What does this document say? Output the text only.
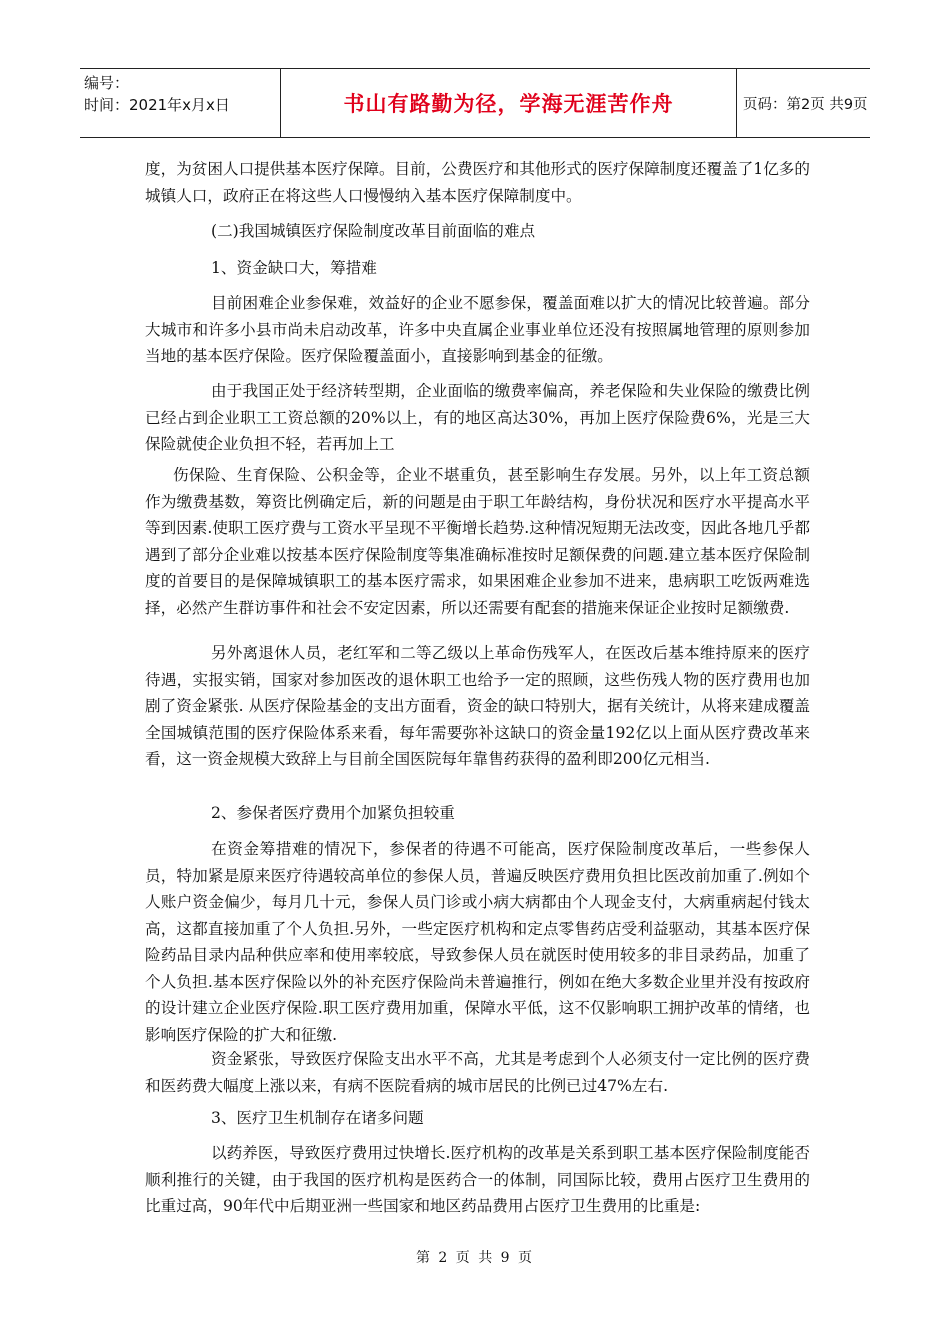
编号：
时间：2021年x月x日	书山有路勤为径，学海无涯苦作舟	页码：第2页 共9页

度，为贫困人口提供基本医疗保障。目前，公费医疗和其他形式的医疗保障制度还覆盖了1亿多的城镇人口，政府正在将这些人口慢慢纳入基本医疗保障制度中。

(二)我国城镇医疗保险制度改革目前面临的难点

1、资金缺口大，筹措难

目前困难企业参保难，效益好的企业不愿参保，覆盖面难以扩大的情况比较普遍。部分大城市和许多小县市尚未启动改革，许多中央直属企业事业单位还没有按照属地管理的原则参加当地的基本医疗保险。医疗保险覆盖面小，直接影响到基金的征缴。

由于我国正处于经济转型期，企业面临的缴费率偏高，养老保险和失业保险的缴费比例已经占到企业职工工资总额的20%以上，有的地区高达30%，再加上医疗保险费6%，光是三大保险就使企业负担不轻，若再加上工

伤保险、生育保险、公积金等，企业不堪重负，甚至影响生存发展。另外，以上年工资总额作为缴费基数，筹资比例确定后，新的问题是由于职工年龄结构，身份状况和医疗水平提高水平等到因素.使职工医疗费与工资水平呈现不平衡增长趋势.这种情况短期无法改变，因此各地几乎都遇到了部分企业难以按基本医疗保险制度等集准确标准按时足额保费的问题.建立基本医疗保险制度的首要目的是保障城镇职工的基本医疗需求，如果困难企业参加不进来，患病职工吃饭两难选择，必然产生群访事件和社会不安定因素，所以还需要有配套的措施来保证企业按时足额缴费.

另外离退休人员，老红军和二等乙级以上革命伤残军人，在医改后基本维持原来的医疗待遇，实报实销，国家对参加医改的退休职工也给予一定的照顾，这些伤残人物的医疗费用也加剧了资金紧张. 从医疗保险基金的支出方面看，资金的缺口特别大，据有关统计，从将来建成覆盖全国城镇范围的医疗保险体系来看，每年需要弥补这缺口的资金量192亿以上面从医疗费改革来看，这一资金规模大致辞上与目前全国医院每年靠售药获得的盈利即200亿元相当.

2、参保者医疗费用个加紧负担较重

在资金筹措难的情况下，参保者的待遇不可能高，医疗保险制度改革后，一些参保人员，特加紧是原来医疗待遇较高单位的参保人员，普遍反映医疗费用负担比医改前加重了.例如个人账户资金偏少，每月几十元，参保人员门诊或小病大病都由个人现金支付，大病重病起付钱太高，这都直接加重了个人负担.另外，一些定医疗机构和定点零售药店受利益驱动，其基本医疗保险药品目录内品种供应率和使用率较底，导致参保人员在就医时使用较多的非目录药品，加重了个人负担.基本医疗保险以外的补充医疗保险尚未普遍推行，例如在绝大多数企业里并没有按政府的设计建立企业医疗保险.职工医疗费用加重，保障水平低，这不仅影响职工拥护改革的情绪，也影响医疗保险的扩大和征缴.

资金紧张，导致医疗保险支出水平不高，尤其是考虑到个人必须支付一定比例的医疗费和医药费大幅度上涨以来，有病不医院看病的城市居民的比例已过47%左右.

3、医疗卫生机制存在诸多问题

以药养医，导致医疗费用过快增长.医疗机构的改革是关系到职工基本医疗保险制度能否顺利推行的关键，由于我国的医疗机构是医药合一的体制，同国际比较，费用占医疗卫生费用的比重过高，90年代中后期亚洲一些国家和地区药品费用占医疗卫生费用的比重是:

第 2 页 共 9 页
